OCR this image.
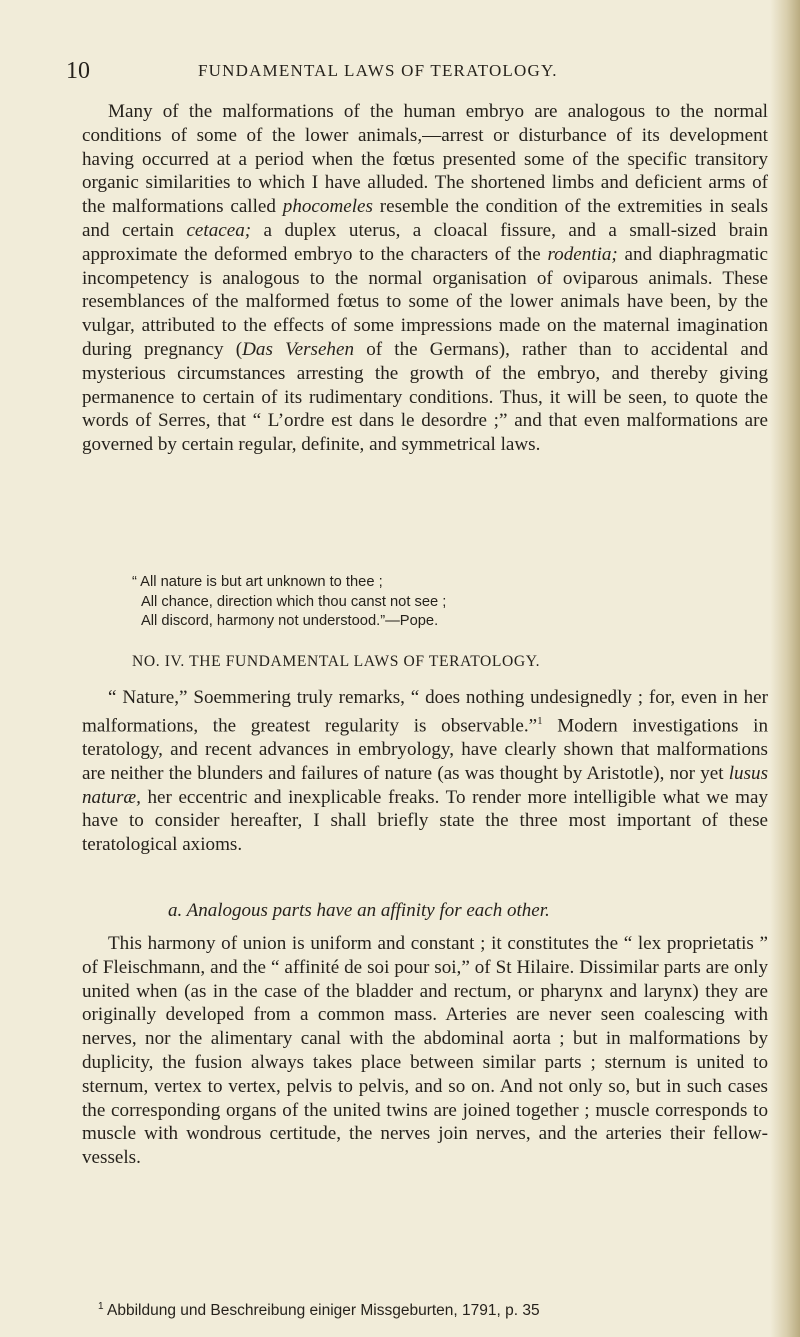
10	FUNDAMENTAL LAWS OF TERATOLOGY.

Many of the malformations of the human embryo are analogous to the normal conditions of some of the lower animals,—arrest or disturbance of its development having occurred at a period when the fœtus presented some of the specific transitory organic similarities to which I have alluded. The shortened limbs and deficient arms of the malformations called phocomeles resemble the condition of the extremities in seals and certain cetacea; a duplex uterus, a cloacal fissure, and a small-sized brain approximate the deformed embryo to the characters of the rodentia; and diaphragmatic incompetency is analogous to the normal organisation of oviparous animals. These resemblances of the malformed fœtus to some of the lower animals have been, by the vulgar, attributed to the effects of some impressions made on the maternal imagination during pregnancy (Das Versehen of the Germans), rather than to accidental and mysterious circumstances arresting the growth of the embryo, and thereby giving permanence to certain of its rudimentary conditions. Thus, it will be seen, to quote the words of Serres, that “ L’ordre est dans le desordre ;” and that even malformations are governed by certain regular, definite, and symmetrical laws.

“ All nature is but art unknown to thee ;
All chance, direction which thou canst not see ;
All discord, harmony not understood.”—Pope.
NO. IV. THE FUNDAMENTAL LAWS OF TERATOLOGY.

“ Nature,” Soemmering truly remarks, “ does nothing undesignedly ; for, even in her malformations, the greatest regularity is observable.”$^1$ Modern investigations in teratology, and recent advances in embryology, have clearly shown that malformations are neither the blunders and failures of nature (as was thought by Aristotle), nor yet lusus naturæ, her eccentric and inexplicable freaks. To render more intelligible what we may have to consider hereafter, I shall briefly state the three most important of these teratological axioms.

a. Analogous parts have an affinity for each other.

This harmony of union is uniform and constant ; it constitutes the “ lex proprietatis ” of Fleischmann, and the “ affinité de soi pour soi,” of St Hilaire. Dissimilar parts are only united when (as in the case of the bladder and rectum, or pharynx and larynx) they are originally developed from a common mass. Arteries are never seen coalescing with nerves, nor the alimentary canal with the abdominal aorta ; but in malformations by duplicity, the fusion always takes place between similar parts ; sternum is united to sternum, vertex to vertex, pelvis to pelvis, and so on. And not only so, but in such cases the corresponding organs of the united twins are joined together ; muscle corresponds to muscle with wondrous certitude, the nerves join nerves, and the arteries their fellow-vessels.

$^1$ Abbildung und Beschreibung einiger Missgeburten, 1791, p. 35
